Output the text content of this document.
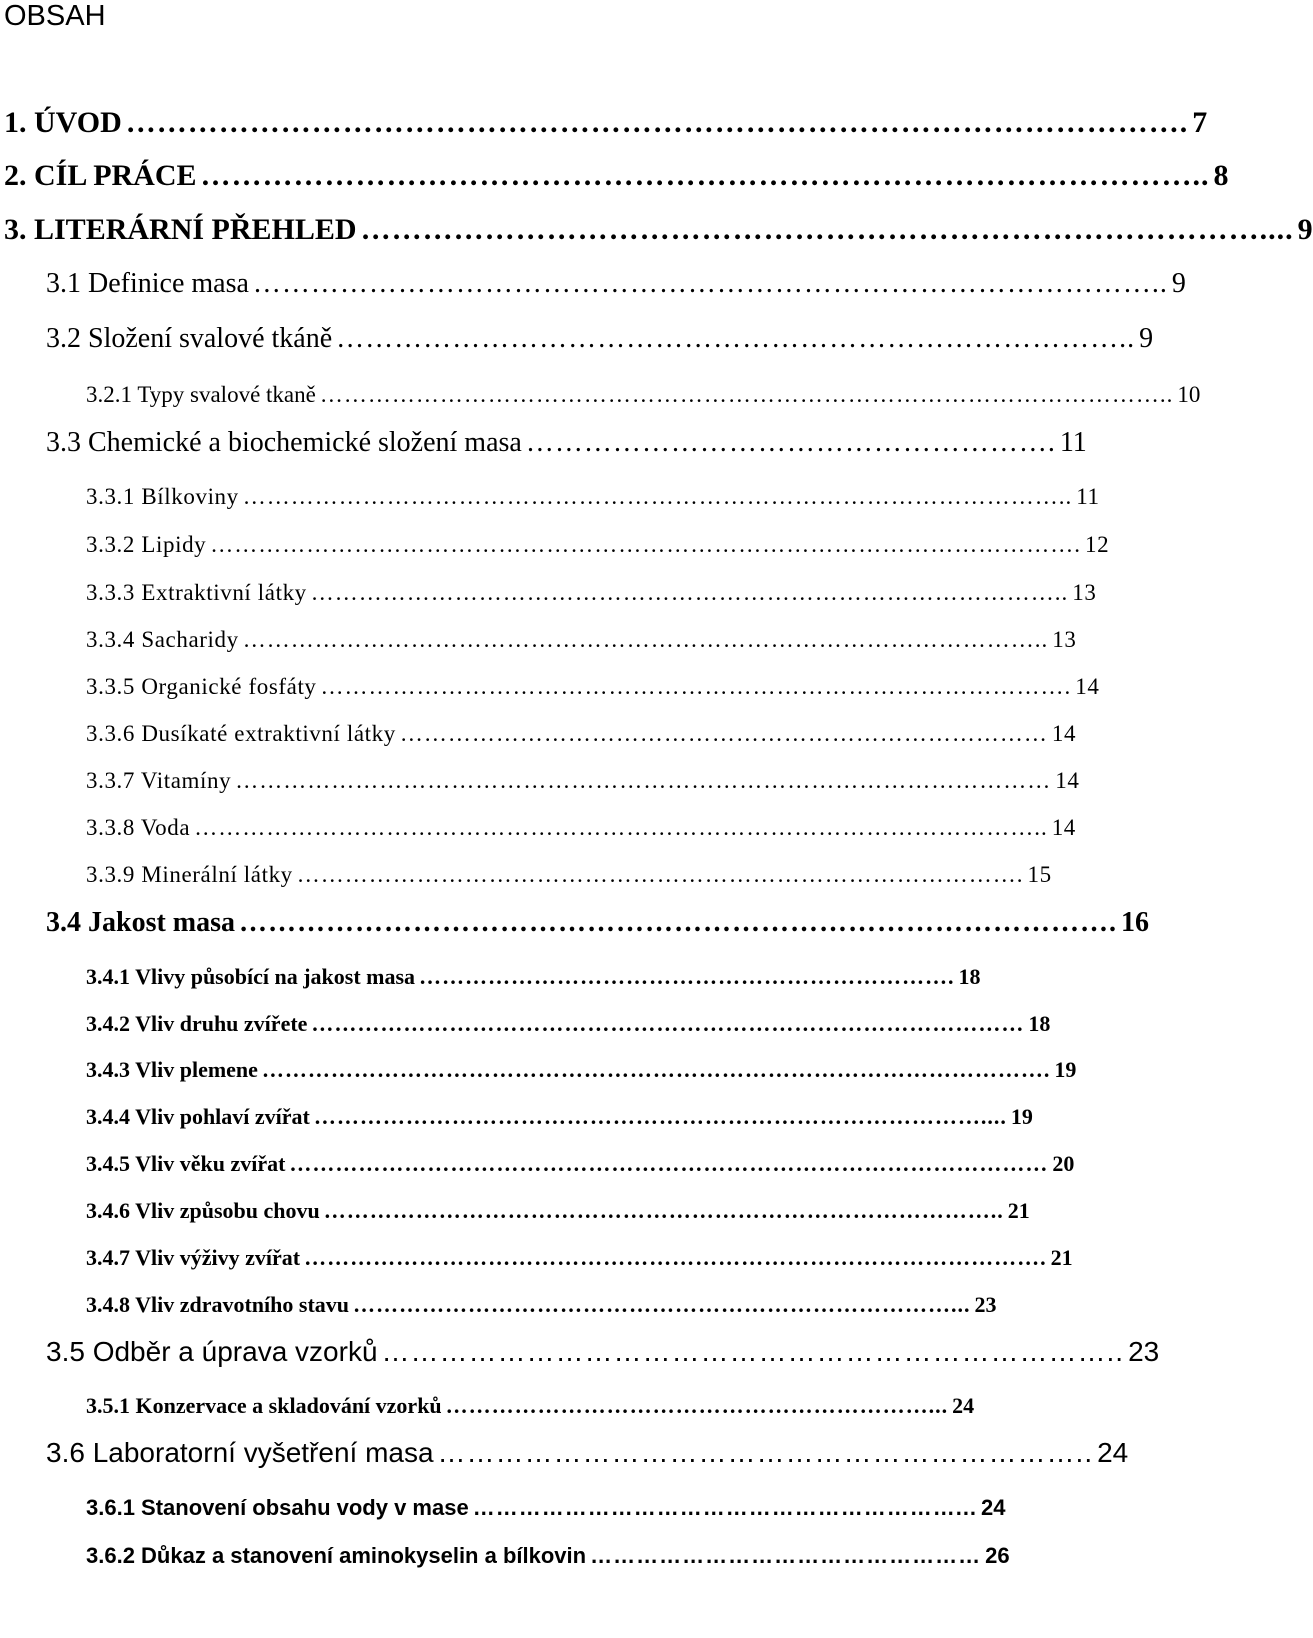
OBSAH
1. ÚVOD …………………………………………………………………………………………. 7
2. CÍL PRÁCE …………………………………………………………………………………….. 8
3. LITERÁRNÍ PŘEHLED …………………………………………………………………………….... 9
3.1 Definice masa ………………………………………………………………………………….. 9
3.2 Složení svalové tkáně ……………………………………………………………………….. 9
3.2.1 Typy svalové tkaně …………………………………………………………………………………………….. 10
3.3 Chemické a biochemické složení masa ………………………………………………. 11
3.3.1 Bílkoviny ………………………………………………………………………………………….. 11
3.3.2 Lipidy ………………………………………………………………………………………………. 12
3.3.3 Extraktivní látky ………………………………………………………………………………….. 13
3.3.4 Sacharidy ……………………………………………………………………………………….. 13
3.3.5 Organické fosfáty …………………………………………………………………………………. 14
3.3.6 Dusíkaté extraktivní látky ……………………………………………………………………… 14
3.3.7 Vitamíny ………………………………………………………………………………………… 14
3.3.8 Voda …………………………………………………………………………………………….. 14
3.3.9 Minerální látky ………………………………………………………………………………. 15
3.4 Jakost masa ………………………………………………………………………………. 16
3.4.1 Vlivy působící na jakost masa ……………………………………………………………. 18
3.4.2 Vliv druhu zvířete ………………………………………………………………………………… 18
3.4.3 Vliv plemene …………………………………………………………………………………………. 19
3.4.4 Vliv pohlaví zvířat …………………………………………………………………………….... 19
3.4.5 Vliv věku zvířat ……………………………………………………………………………………… 20
3.4.6 Vliv způsobu chovu …………………………………………………………………………….. 21
3.4.7 Vliv výživy zvířat ……………………………………………………………………………………. 21
3.4.8 Vliv zdravotního stavu ……………………………………………………………………... 23
3.5 Odběr a úprava vzorků ………………………………………………………………….. 23
3.5.1 Konzervace a skladování vzorků ………………………………………………………... 24
3.6 Laboratorní vyšetření masa ………………………………………………………….. 24
3.6.1 Stanovení obsahu vody v mase ………………………………………………………... 24
3.6.2 Důkaz a stanovení aminokyselin a bílkovin …………………………………………… 26
